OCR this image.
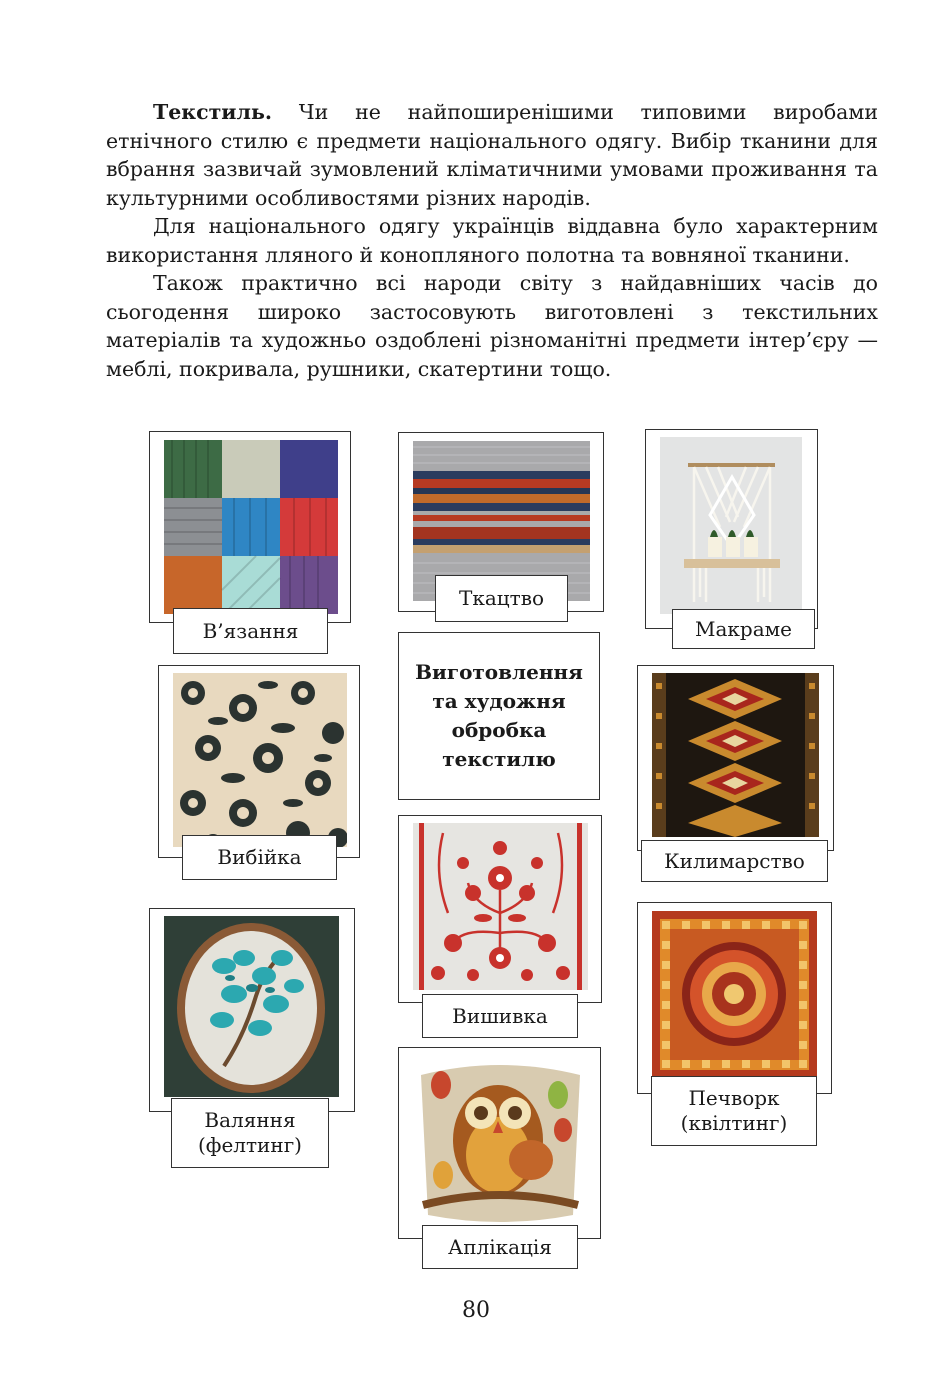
Текстиль. Чи не найпоширенішими типовими виробами етнічного стилю є предмети національного одягу. Вибір тканини для вбрання зазвичай зумовлений кліматичними умовами проживання та культурними особливостями різних народів.

Для національного одягу українців віддавна було характерним використання лляного й конопляного полотна та вовняної тканини.

Також практично всі народи світу з найдавніших часів до сьогодення широко застосовують виготовлені з текстильних матеріалів та художньо оздоблені різноманітні предмети інтер’єру — меблі, покривала, рушники, скатертини тощо.

В’язання
Ткацтво
Макраме
Виготовлення та художня обробка текстилю
Вибійка	Килимарство
Вишивка
Валяння
(фелтинг)
Печворк
(квілтинг)
Аплікація
80
